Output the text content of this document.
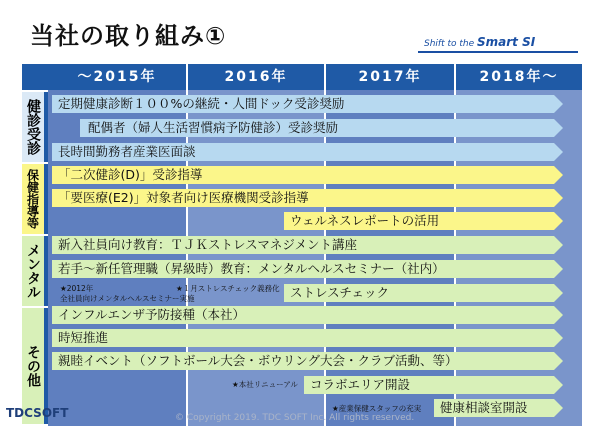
当社の取り組み①	Shift to the Smart SI
～2015年	2016年	2017年	2018年～
健診受診
保健指導等
メンタル
その他
定期健康診断１００%の継続・人間ドック受診奨励
配偶者（婦人生活習慣病予防健診）受診奨励
長時間勤務者産業医面談
「二次健診(D)」受診指導
「要医療(E2)」対象者向け医療機関受診指導
ウェルネスレポートの活用
新入社員向け教育：ＴＪＫストレスマネジメント講座
若手～新任管理職（昇級時）教育：メンタルヘルスセミナー（社内）
ストレスチェック
インフルエンザ予防接種（本社）
時短推進
親睦イベント（ソフトボール大会・ボウリング大会・クラブ活動、等）
コラボエリア開設
健康相談室開設
★2012年
全社員向けメンタルヘルスセミナー実施
★１月ストレスチェック義務化
★本社リニューアル
★産業保健スタッフの充実
TDCSOFT	© Copyright 2019. TDC SOFT Inc. All rights reserved.
